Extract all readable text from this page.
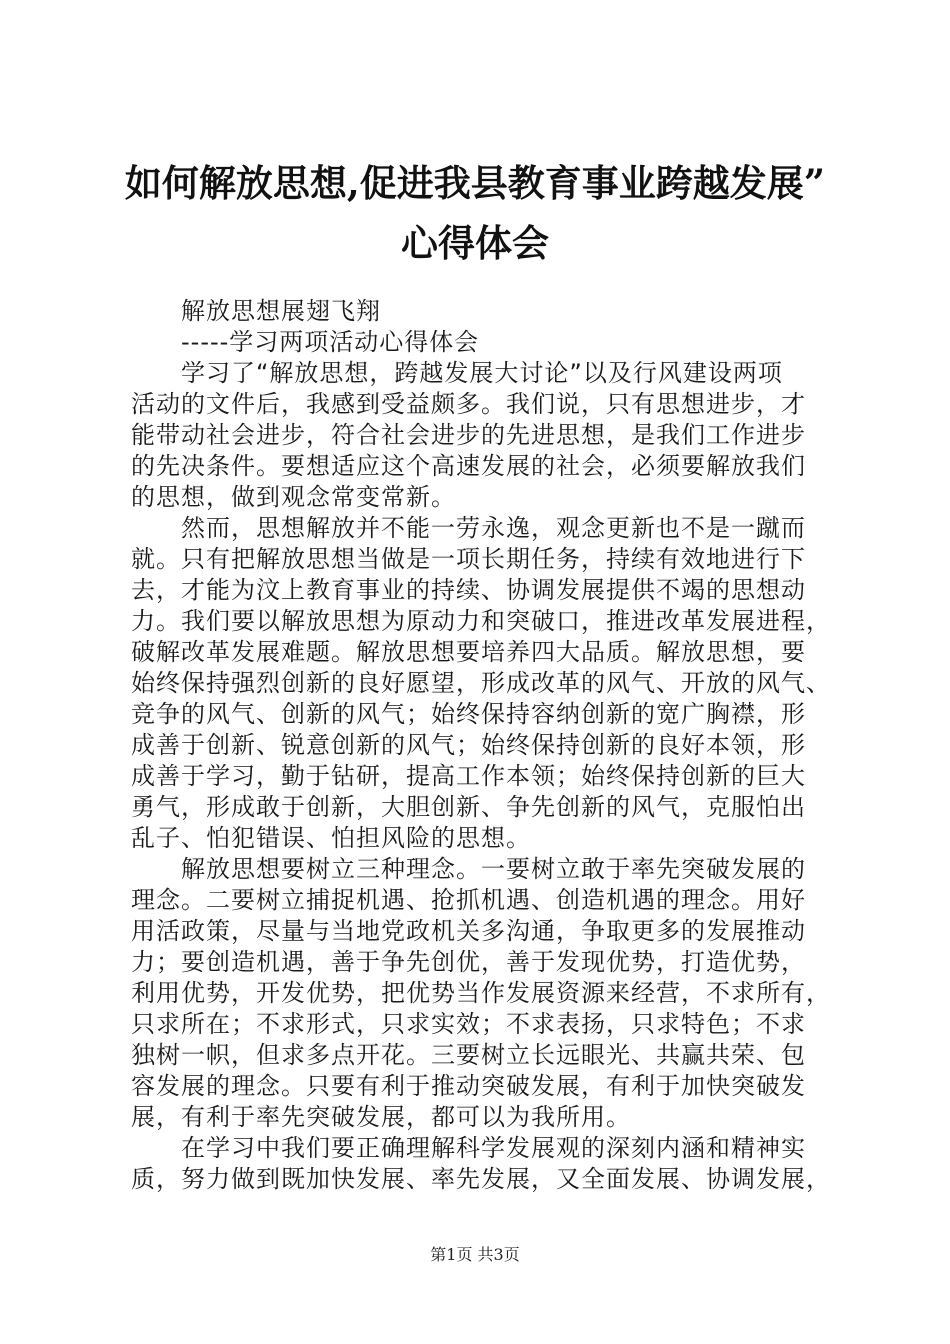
如何解放思想,促进我县教育事业跨越发展”
心得体会
解放思想展翅飞翔
-----学习两项活动心得体会
学习了“解放思想，跨越发展大讨论”以及行风建设两项
活动的文件后，我感到受益颇多。我们说，只有思想进步，才
能带动社会进步，符合社会进步的先进思想，是我们工作进步
的先决条件。要想适应这个高速发展的社会，必须要解放我们
的思想，做到观念常变常新。
然而，思想解放并不能一劳永逸，观念更新也不是一蹴而
就。只有把解放思想当做是一项长期任务，持续有效地进行下
去，才能为汶上教育事业的持续、协调发展提供不竭的思想动
力。我们要以解放思想为原动力和突破口，推进改革发展进程，
破解改革发展难题。解放思想要培养四大品质。解放思想，要
始终保持强烈创新的良好愿望，形成改革的风气、开放的风气、
竞争的风气、创新的风气；始终保持容纳创新的宽广胸襟，形
成善于创新、锐意创新的风气；始终保持创新的良好本领，形
成善于学习，勤于钻研，提高工作本领；始终保持创新的巨大
勇气，形成敢于创新，大胆创新、争先创新的风气，克服怕出
乱子、怕犯错误、怕担风险的思想。
解放思想要树立三种理念。一要树立敢于率先突破发展的
理念。二要树立捕捉机遇、抢抓机遇、创造机遇的理念。用好
用活政策，尽量与当地党政机关多沟通，争取更多的发展推动
力；要创造机遇，善于争先创优，善于发现优势，打造优势，
利用优势，开发优势，把优势当作发展资源来经营，不求所有，
只求所在；不求形式，只求实效；不求表扬，只求特色；不求
独树一帜，但求多点开花。三要树立长远眼光、共赢共荣、包
容发展的理念。只要有利于推动突破发展，有利于加快突破发
展，有利于率先突破发展，都可以为我所用。
在学习中我们要正确理解科学发展观的深刻内涵和精神实
质，努力做到既加快发展、率先发展，又全面发展、协调发展，
第1页 共3页
